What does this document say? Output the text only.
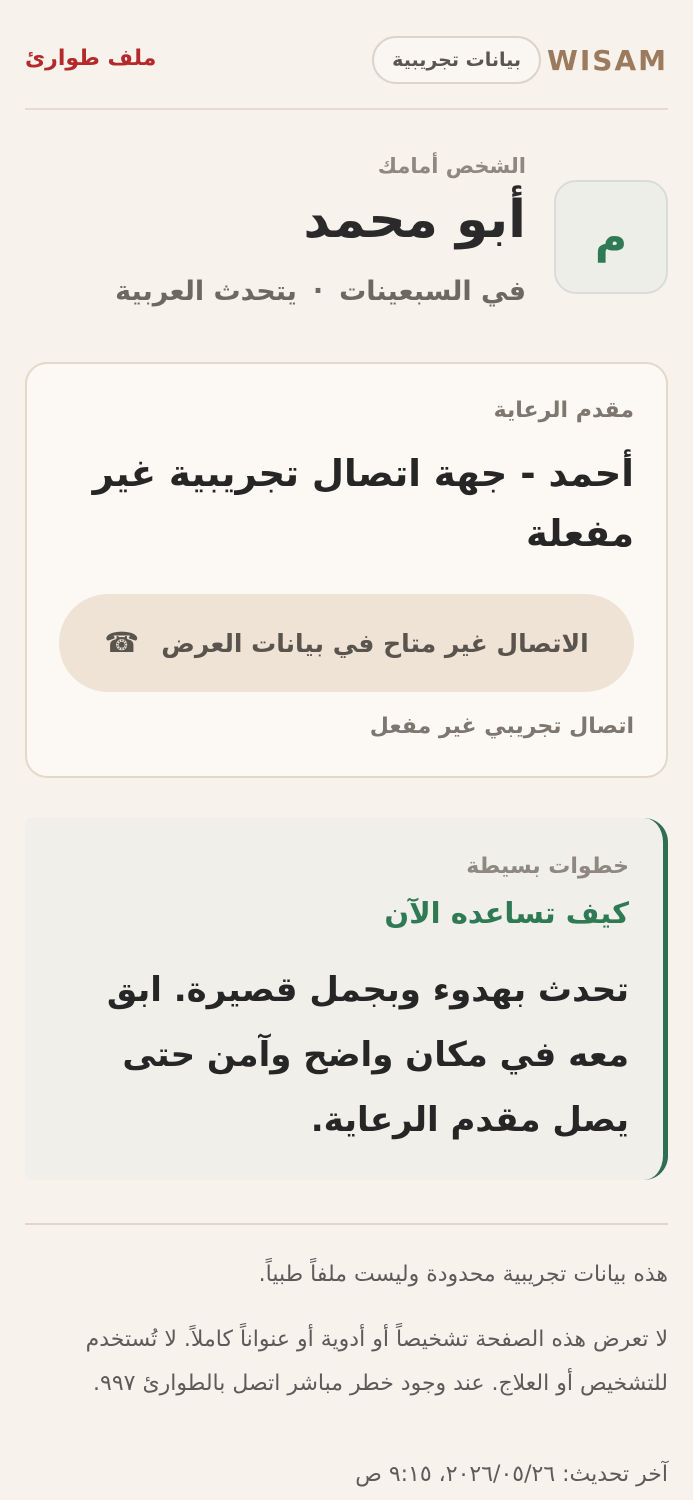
WISAM
بيانات تجريبية
ملف طوارئ
م
الشخص أمامك
أبو محمد
في السبعينات·يتحدث العربية
مقدم الرعاية
أحمد - جهة اتصال تجريبية غير مفعلة
الاتصال غير متاح في بيانات العرض
☎
اتصال تجريبي غير مفعل
خطوات بسيطة
كيف تساعده الآن
تحدث بهدوء وبجمل قصيرة. ابق معه في مكان واضح وآمن حتى يصل مقدم الرعاية.

هذه بيانات تجريبية محدودة وليست ملفاً طبياً.

لا تعرض هذه الصفحة تشخيصاً أو أدوية أو عنواناً كاملاً. لا تُستخدم للتشخيص أو العلاج. عند وجود خطر مباشر اتصل بالطوارئ ٩٩٧.

آخر تحديث: ٢٠٢٦/٠٥/٢٦، ٩:١٥ ص
